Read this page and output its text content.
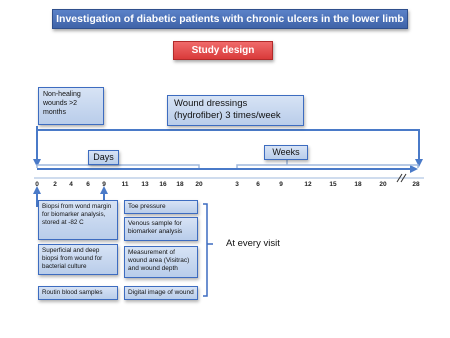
Investigation of diabetic patients with chronic ulcers in the lower limb
Study design
Non-healing wounds >2 months
Wound dressings (hydrofiber) 3 times/week
Days	Weeks
0 2 4 6 9 11 13 16 18 20	3	6	9	12	15	18	20	28
Biopsi from wond margin for biomarker analysis, stored at -82 C
Superficial and deep biopsi from wound for bacterial culture
Routin blood samples
Toe pressure
Venous sample for biomarker analysis
Measurement of wound area (Visitrac) and wound depth
Digital image of wound
At every visit
